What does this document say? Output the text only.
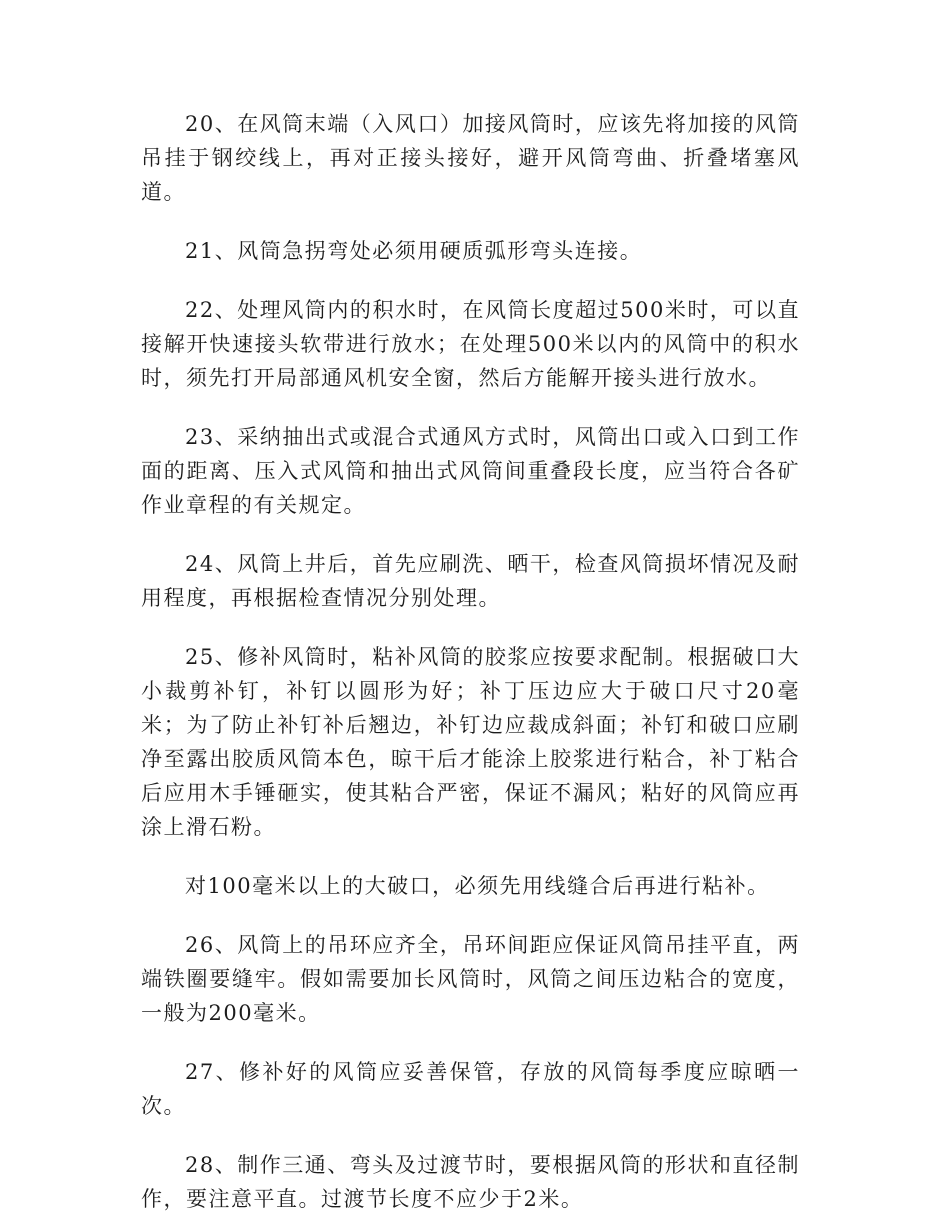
20、在风筒末端（入风口）加接风筒时，应该先将加接的风筒吊挂于钢绞线上，再对正接头接好，避开风筒弯曲、折叠堵塞风道。

21、风筒急拐弯处必须用硬质弧形弯头连接。

22、处理风筒内的积水时，在风筒长度超过500米时，可以直接解开快速接头软带进行放水；在处理500米以内的风筒中的积水时，须先打开局部通风机安全窗，然后方能解开接头进行放水。

23、采纳抽出式或混合式通风方式时，风筒出口或入口到工作面的距离、压入式风筒和抽出式风筒间重叠段长度，应当符合各矿作业章程的有关规定。

24、风筒上井后，首先应刷洗、晒干，检查风筒损坏情况及耐用程度，再根据检查情况分别处理。

25、修补风筒时，粘补风筒的胶浆应按要求配制。根据破口大小裁剪补钉，补钉以圆形为好；补丁压边应大于破口尺寸20毫米；为了防止补钉补后翘边，补钉边应裁成斜面；补钉和破口应刷净至露出胶质风筒本色，晾干后才能涂上胶浆进行粘合，补丁粘合后应用木手锤砸实，使其粘合严密，保证不漏风；粘好的风筒应再涂上滑石粉。

对100毫米以上的大破口，必须先用线缝合后再进行粘补。

26、风筒上的吊环应齐全，吊环间距应保证风筒吊挂平直，两端铁圈要缝牢。假如需要加长风筒时，风筒之间压边粘合的宽度，一般为200毫米。

27、修补好的风筒应妥善保管，存放的风筒每季度应晾晒一次。

28、制作三通、弯头及过渡节时，要根据风筒的形状和直径制作，要注意平直。过渡节长度不应少于2米。
